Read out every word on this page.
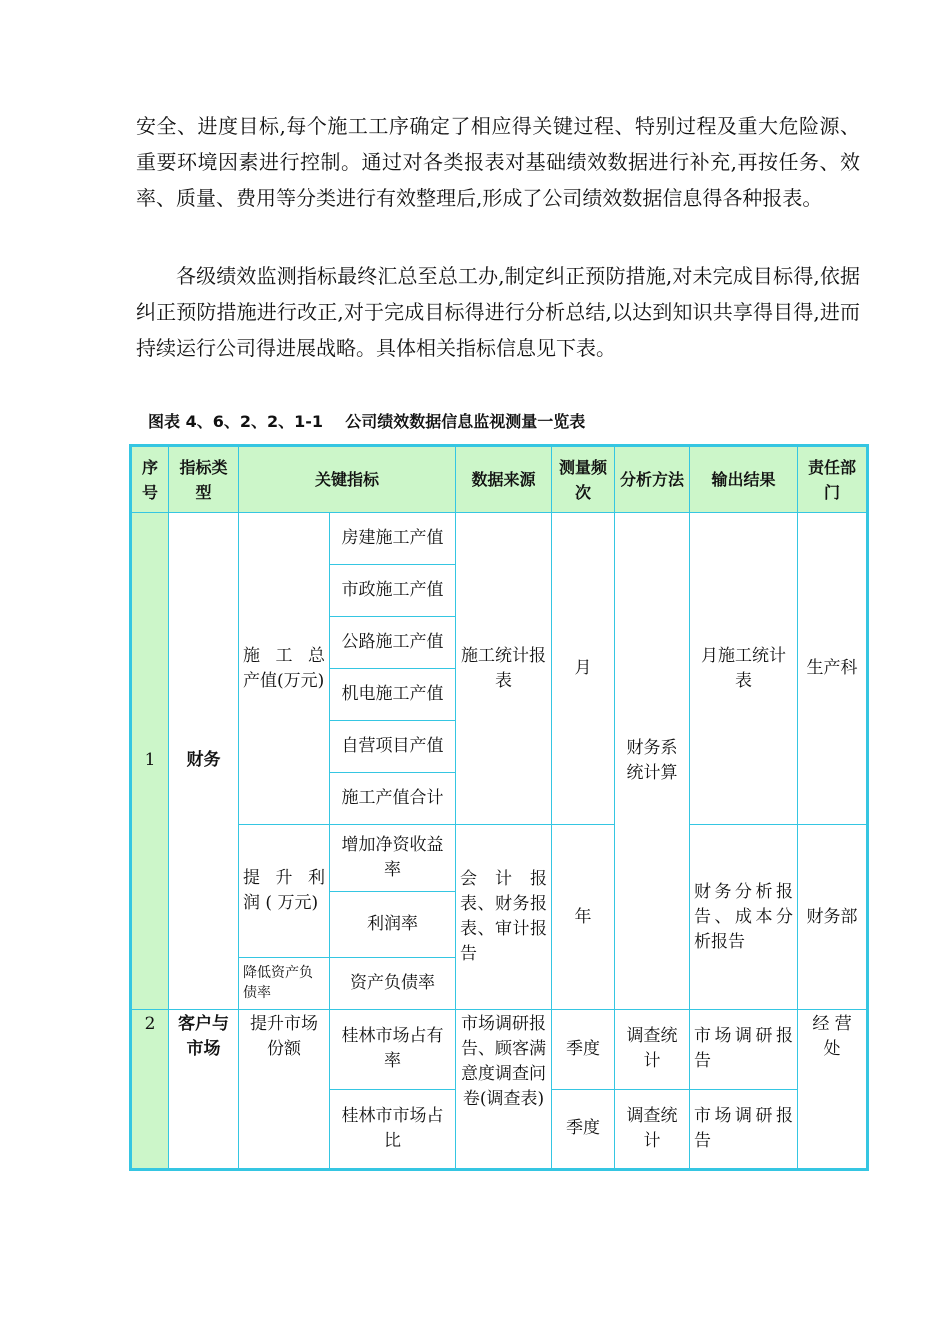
安全、进度目标,每个施工工序确定了相应得关键过程、特别过程及重大危险源、重要环境因素进行控制。通过对各类报表对基础绩效数据进行补充,再按任务、效率、质量、费用等分类进行有效整理后,形成了公司绩效数据信息得各种报表。

各级绩效监测指标最终汇总至总工办,制定纠正预防措施,对未完成目标得,依据纠正预防措施进行改正,对于完成目标得进行分析总结,以达到知识共享得目得,进而持续运行公司得进展战略。具体相关指标信息见下表。

图表 4、6、2、2、1-1    公司绩效数据信息监视测量一览表
序号	指标类型	关键指标		数据来源	测量频次	分析方法	输出结果	责任部门
1	财务	施 工 总 产值(万元)	房建施工产值	施工统计报表	月	财务系统计算	月施工统计表	生产科
			市政施工产值					
			公路施工产值					
			机电施工产值					
			自营项目产值					
			施工产值合计					
		提 升 利 润 ( 万元)	增加净资收益率	会 计 报 表、财务报表、审计报告	年		财务分析报告、成本分析报告	财务部
			利润率					
		降低资产负债率	资产负债率					
2	客户与市场	提升市场份额	桂林市场占有率	市场调研报告、顾客满意度调查问卷(调查表)	季度	调查统计	市场调研报告	经 营 处
			桂林市市场占比		季度	调查统计	市场调研报告	
